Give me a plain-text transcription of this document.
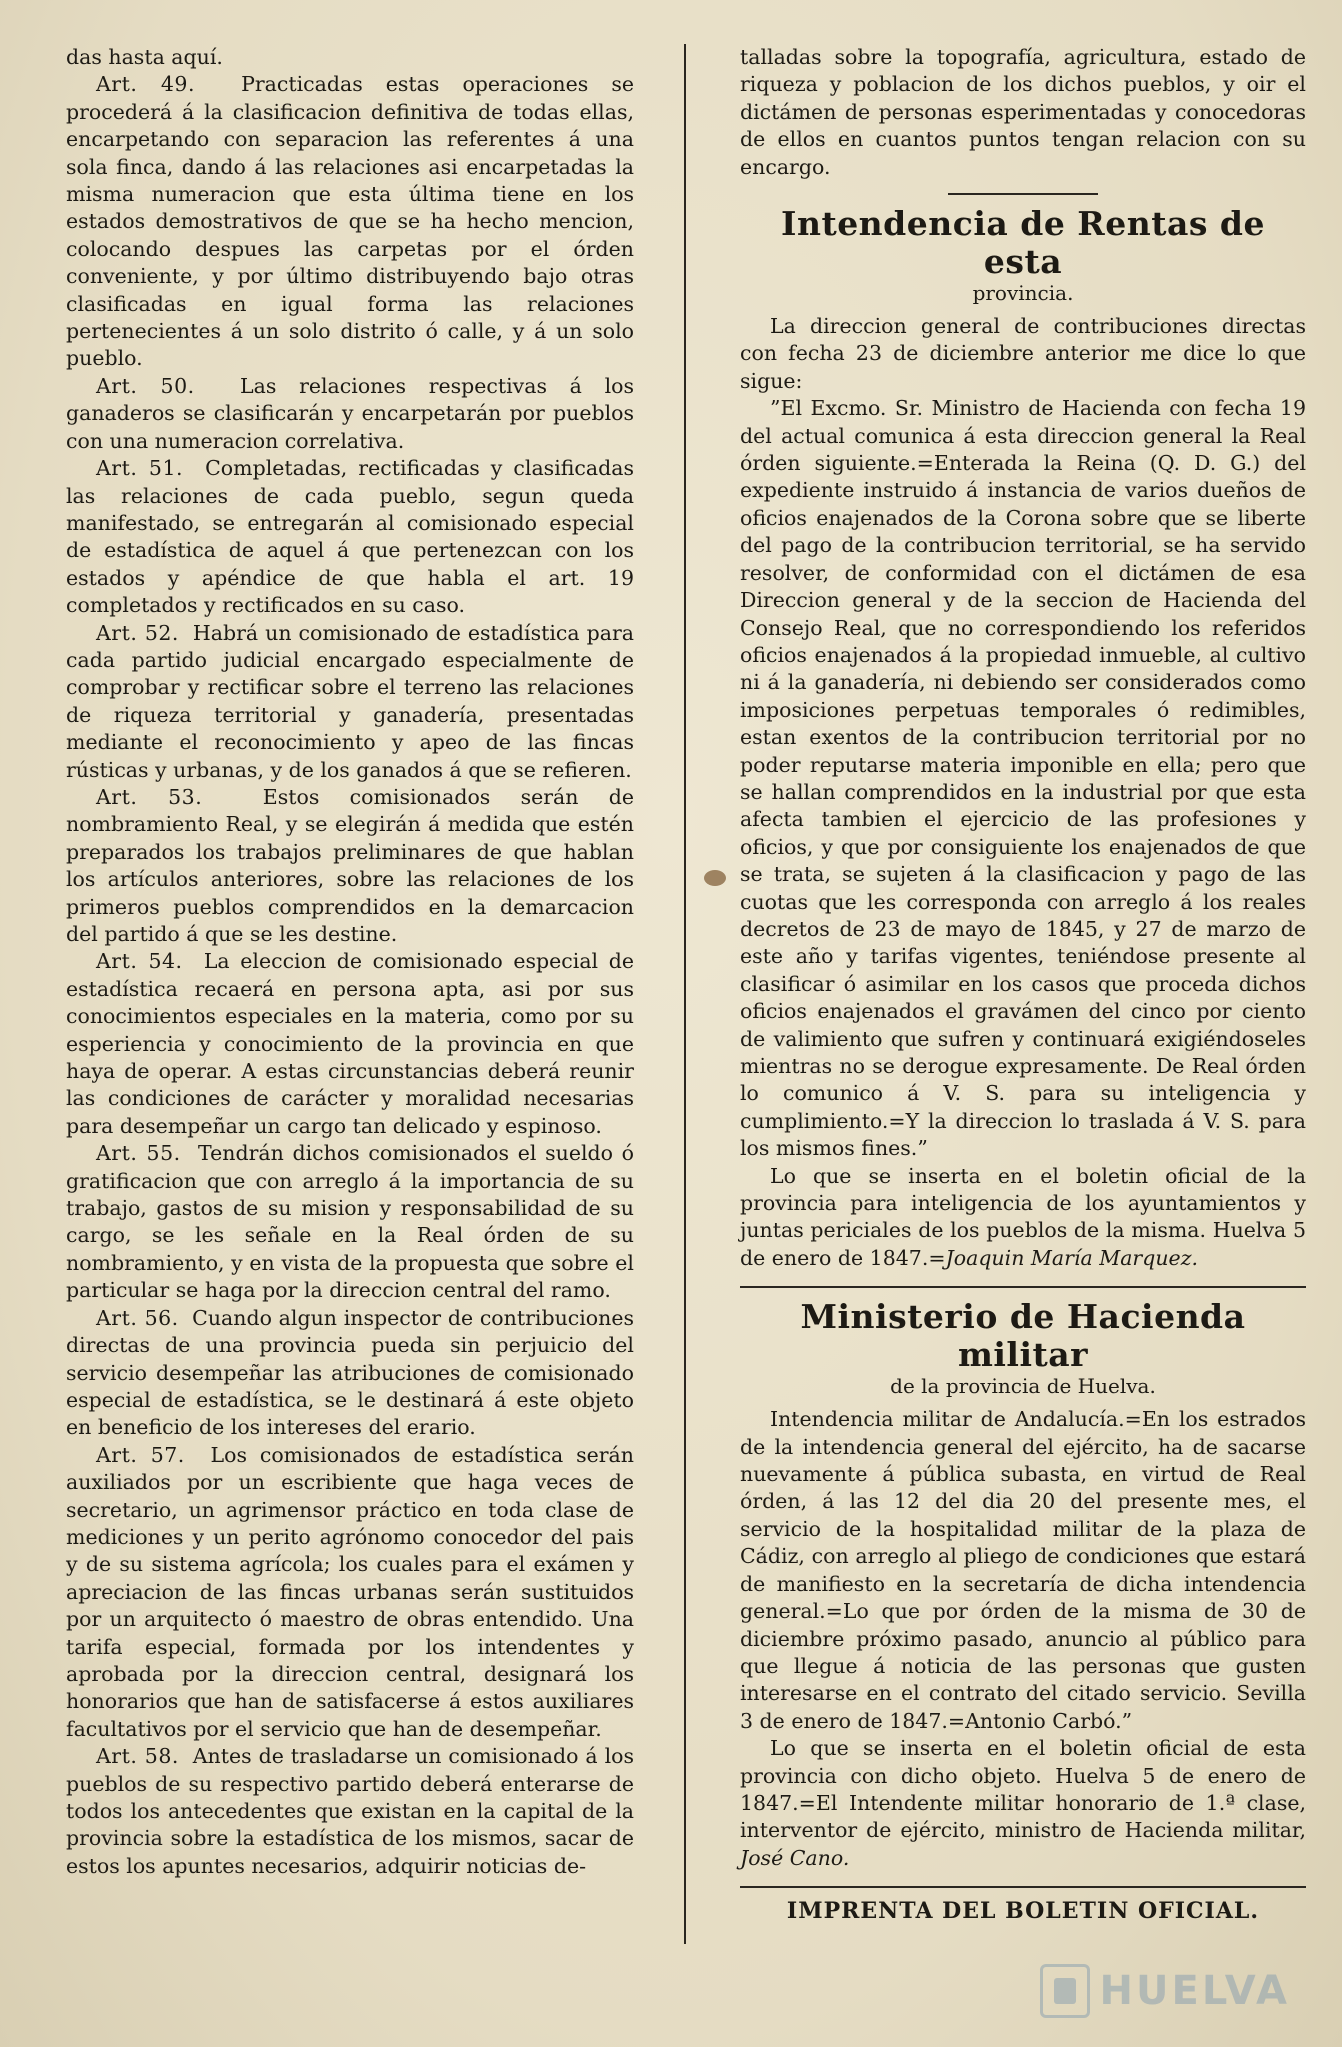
das hasta aquí.

Art. 49. Practicadas estas operaciones se procederá á la clasificacion definitiva de todas ellas, encarpetando con separacion las referentes á una sola finca, dando á las relaciones asi encarpetadas la misma numeracion que esta última tiene en los estados demostrativos de que se ha hecho mencion, colocando despues las carpetas por el órden conveniente, y por último distribuyendo bajo otras clasificadas en igual forma las relaciones pertenecientes á un solo distrito ó calle, y á un solo pueblo.

Art. 50. Las relaciones respectivas á los ganaderos se clasificarán y encarpetarán por pueblos con una numeracion correlativa.

Art. 51. Completadas, rectificadas y clasificadas las relaciones de cada pueblo, segun queda manifestado, se entregarán al comisionado especial de estadística de aquel á que pertenezcan con los estados y apéndice de que habla el art. 19 completados y rectificados en su caso.

Art. 52. Habrá un comisionado de estadística para cada partido judicial encargado especialmente de comprobar y rectificar sobre el terreno las relaciones de riqueza territorial y ganadería, presentadas mediante el reconocimiento y apeo de las fincas rústicas y urbanas, y de los ganados á que se refieren.

Art. 53.	Estos comisionados serán de nombramiento Real, y se elegirán á medida que estén preparados los trabajos preliminares de que hablan los artículos anteriores, sobre las relaciones de los primeros pueblos comprendidos en la demarcacion del partido á que se les destine.

Art. 54. La eleccion de comisionado especial de estadística recaerá en persona apta, asi por sus conocimientos especiales en la materia, como por su esperiencia y conocimiento de la provincia en que haya de operar. A estas circunstancias deberá reunir las condiciones de carácter y moralidad necesarias para desempeñar un cargo tan delicado y espinoso.

Art. 55. Tendrán dichos comisionados el sueldo ó gratificacion que con arreglo á la importancia de su trabajo, gastos de su mision y responsabilidad de su cargo, se les señale en la Real órden de su nombramiento, y en vista de la propuesta que sobre el particular se haga por la direccion central del ramo.

Art. 56. Cuando algun inspector de contribuciones directas de una provincia pueda sin perjuicio del servicio desempeñar las atribuciones de comisionado especial de estadística, se le destinará á este objeto en beneficio de los intereses del erario.

Art. 57. Los comisionados de estadística serán auxiliados por un escribiente que haga veces de secretario, un agrimensor práctico en toda clase de mediciones y un perito agrónomo conocedor del pais y de su sistema agrícola; los cuales para el exámen y apreciacion de las fincas urbanas serán sustituidos por un arquitecto ó maestro de obras entendido. Una tarifa especial, formada por los intendentes y aprobada por la direccion central, designará los honorarios que han de satisfacerse á estos auxiliares facultativos por el servicio que han de desempeñar.

Art. 58. Antes de trasladarse un comisionado á los pueblos de su respectivo partido deberá enterarse de todos los antecedentes que existan en la capital de la provincia sobre la estadística de los mismos, sacar de estos los apuntes necesarios, adquirir noticias de-

talladas sobre la topografía, agricultura, estado de riqueza y poblacion de los dichos pueblos, y oir el dictámen de personas esperimentadas y conocedoras de ellos en cuantos puntos tengan relacion con su encargo.

Intendencia de Rentas de esta
provincia.

La direccion general de contribuciones directas con fecha 23 de diciembre anterior me dice lo que sigue:

”El Excmo. Sr. Ministro de Hacienda con fecha 19 del actual comunica á esta direccion general la Real órden siguiente.=Enterada la Reina (Q. D. G.) del expediente instruido á instancia de varios dueños de oficios enajenados de la Corona sobre que se liberte del pago de la contribucion territorial, se ha servido resolver, de conformidad con el dictámen de esa Direccion general y de la seccion de Hacienda del Consejo Real, que no correspondiendo los referidos oficios enajenados á la propiedad inmueble, al cultivo ni á la ganadería, ni debiendo ser considerados como imposiciones perpetuas temporales ó redimibles, estan exentos de la contribucion territorial por no poder reputarse materia imponible en ella; pero que se hallan comprendidos en la industrial por que esta afecta tambien el ejercicio de las profesiones y oficios, y que por consiguiente los enajenados de que se trata, se sujeten á la clasificacion y pago de las cuotas que les corresponda con arreglo á los reales decretos de 23 de mayo de 1845, y 27 de marzo de este año y tarifas vigentes, teniéndose presente al clasificar ó asimilar en los casos que proceda dichos oficios enajenados el gravámen del cinco por ciento de valimiento que sufren y continuará exigiéndoseles mientras no se derogue expresamente. De Real órden lo comunico á V. S. para su inteligencia y cumplimiento.=Y la direccion lo traslada á V. S. para los mismos fines.”

Lo que se inserta en el boletin oficial de la provincia para inteligencia de los ayuntamientos y juntas periciales de los pueblos de la misma. Huelva 5 de enero de 1847.=Joaquin María Marquez.

Ministerio de Hacienda militar
de la provincia de Huelva.

Intendencia militar de Andalucía.=En los estrados de la intendencia general del ejército, ha de sacarse nuevamente á pública subasta, en virtud de Real órden, á las 12 del dia 20 del presente mes, el servicio de la hospitalidad militar de la plaza de Cádiz, con arreglo al pliego de condiciones que estará de manifiesto en la secretaría de dicha intendencia general.=Lo que por órden de la misma de 30 de diciembre próximo pasado, anuncio al público para que llegue á noticia de las personas que gusten interesarse en el contrato del citado servicio. Sevilla 3 de enero de 1847.=Antonio Carbó.”

Lo que se inserta en el boletin oficial de esta provincia con dicho objeto. Huelva 5 de enero de 1847.=El Intendente militar honorario de 1.ª clase, interventor de ejército, ministro de Hacienda militar, José Cano.

IMPRENTA DEL BOLETIN OFICIAL.
HUELVA
